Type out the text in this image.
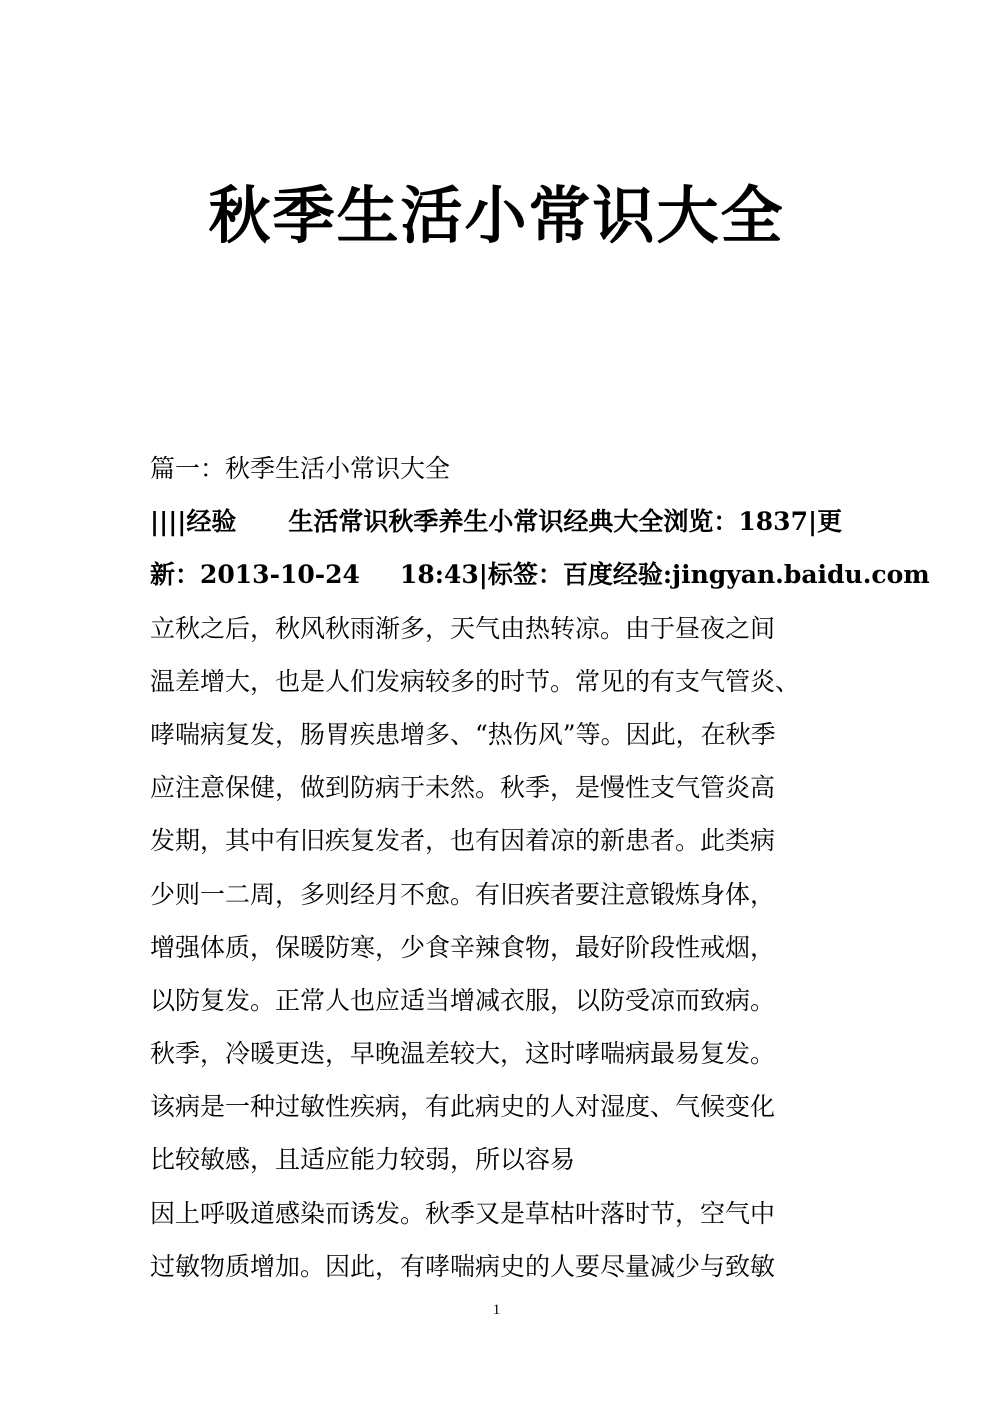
秋季生活小常识大全
篇一：秋季生活小常识大全
||||经验 生活常识秋季养生小常识经典大全浏览：1837|更
新：2013-10-24 18:43|标签：百度经验:jingyan.baidu.com
立秋之后，秋风秋雨渐多，天气由热转凉。由于昼夜之间
温差增大，也是人们发病较多的时节。常见的有支气管炎、
哮喘病复发，肠胃疾患增多、“热伤风”等。因此，在秋季
应注意保健，做到防病于未然。秋季，是慢性支气管炎高
发期，其中有旧疾复发者，也有因着凉的新患者。此类病
少则一二周，多则经月不愈。有旧疾者要注意锻炼身体，
增强体质，保暖防寒，少食辛辣食物，最好阶段性戒烟，
以防复发。正常人也应适当增减衣服，以防受凉而致病。
秋季，冷暖更迭，早晚温差较大，这时哮喘病最易复发。
该病是一种过敏性疾病，有此病史的人对湿度、气候变化
比较敏感，且适应能力较弱，所以容易
因上呼吸道感染而诱发。秋季又是草枯叶落时节，空气中
过敏物质增加。因此，有哮喘病史的人要尽量减少与致敏
1
